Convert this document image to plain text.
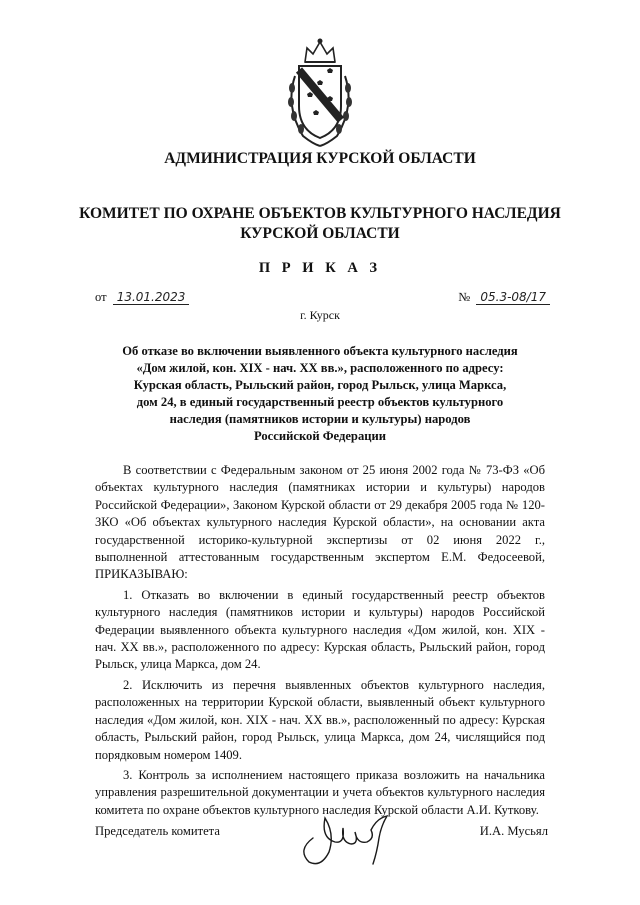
АДМИНИСТРАЦИЯ КУРСКОЙ ОБЛАСТИ
КОМИТЕТ ПО ОХРАНЕ ОБЪЕКТОВ КУЛЬТУРНОГО НАСЛЕДИЯ
КУРСКОЙ ОБЛАСТИ
П Р И К А З
от 13.01.2023	№ 05.3-08/17
г. Курск
Об отказе во включении выявленного объекта культурного наследия
«Дом жилой, кон. XIX - нач. XX вв.», расположенного по адресу:
Курская область, Рыльский район, город Рыльск, улица Маркса,
дом 24, в единый государственный реестр объектов культурного
наследия (памятников истории и культуры) народов
Российской Федерации

В соответствии с Федеральным законом от 25 июня 2002 года № 73-ФЗ «Об объектах культурного наследия (памятниках истории и культуры) народов Российской Федерации», Законом Курской области от 29 декабря 2005 года № 120-ЗКО «Об объектах культурного наследия Курской области», на основании акта государственной историко-культурной экспертизы от 02 июня 2022 г., выполненной аттестованным государственным экспертом Е.М. Федосеевой, ПРИКАЗЫВАЮ:

1. Отказать во включении в единый государственный реестр объектов культурного наследия (памятников истории и культуры) народов Российской Федерации выявленного объекта культурного наследия «Дом жилой, кон. XIX - нач. XX вв.», расположенного по адресу: Курская область, Рыльский район, город Рыльск, улица Маркса, дом 24.

2. Исключить из перечня выявленных объектов культурного наследия, расположенных на территории Курской области, выявленный объект культурного наследия «Дом жилой, кон. XIX - нач. XX вв.», расположенный по адресу: Курская область, Рыльский район, город Рыльск, улица Маркса, дом 24, числящийся под порядковым номером 1409.

3. Контроль за исполнением настоящего приказа возложить на начальника управления разрешительной документации и учета объектов культурного наследия комитета по охране объектов культурного наследия Курской области А.И. Куткову.

Председатель комитета	И.А. Мусьял
